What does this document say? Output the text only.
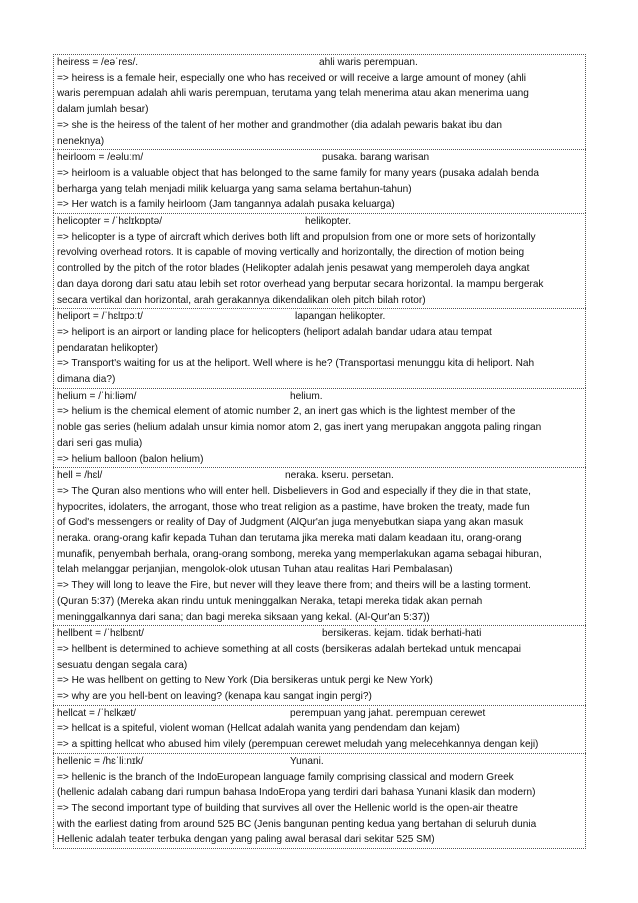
heiress = /eəˈres/.	ahli waris perempuan.
=> heiress is a female heir, especially one who has received or will receive a large amount of money (ahli
waris perempuan adalah ahli waris perempuan, terutama yang telah menerima atau akan menerima uang
dalam jumlah besar)
=> she is the heiress of the talent of her mother and grandmother (dia adalah pewaris bakat ibu dan
neneknya)
heirloom = /eəluːm/	pusaka. barang warisan
=> heirloom is a valuable object that has belonged to the same family for many years (pusaka adalah benda
berharga yang telah menjadi milik keluarga yang sama selama bertahun-tahun)
=> Her watch is a family heirloom (Jam tangannya adalah pusaka keluarga)
helicopter = /ˈhɛlɪkɒptə/	helikopter.
=> helicopter is a type of aircraft which derives both lift and propulsion from one or more sets of horizontally
revolving overhead rotors. It is capable of moving vertically and horizontally, the direction of motion being
controlled by the pitch of the rotor blades (Helikopter adalah jenis pesawat yang memperoleh daya angkat
dan daya dorong dari satu atau lebih set rotor overhead yang berputar secara horizontal. Ia mampu bergerak
secara vertikal dan horizontal, arah gerakannya dikendalikan oleh pitch bilah rotor)
heliport = /ˈhɛlɪpɔːt/	lapangan helikopter.
=> heliport is an airport or landing place for helicopters (heliport adalah bandar udara atau tempat
pendaratan helikopter)
=> Transport's waiting for us at the heliport. Well where is he? (Transportasi menunggu kita di heliport. Nah
dimana dia?)
helium = /ˈhiːliəm/	helium.
=> helium is the chemical element of atomic number 2, an inert gas which is the lightest member of the
noble gas series (helium adalah unsur kimia nomor atom 2, gas inert yang merupakan anggota paling ringan
dari seri gas mulia)
=> helium balloon (balon helium)
hell = /hɛl/	neraka. kseru. persetan.
=> The Quran also mentions who will enter hell. Disbelievers in God and especially if they die in that state,
hypocrites, idolaters, the arrogant, those who treat religion as a pastime, have broken the treaty, made fun
of God's messengers or reality of Day of Judgment (AlQur'an juga menyebutkan siapa yang akan masuk
neraka. orang-orang kafir kepada Tuhan dan terutama jika mereka mati dalam keadaan itu, orang-orang
munafik, penyembah berhala, orang-orang sombong, mereka yang memperlakukan agama sebagai hiburan,
telah melanggar perjanjian, mengolok-olok utusan Tuhan atau realitas Hari Pembalasan)
=> They will long to leave the Fire, but never will they leave there from; and theirs will be a lasting torment.
(Quran 5:37) (Mereka akan rindu untuk meninggalkan Neraka, tetapi mereka tidak akan pernah
meninggalkannya dari sana; dan bagi mereka siksaan yang kekal. (Al-Qur'an 5:37))
hellbent = /ˈhɛlbɛnt/	bersikeras. kejam. tidak berhati-hati
=> hellbent is determined to achieve something at all costs (bersikeras adalah bertekad untuk mencapai
sesuatu dengan segala cara)
=> He was hellbent on getting to New York (Dia bersikeras untuk pergi ke New York)
=> why are you hell-bent on leaving? (kenapa kau sangat ingin pergi?)
hellcat = /ˈhɛlkæt/	perempuan yang jahat. perempuan cerewet
=> hellcat is a spiteful, violent woman (Hellcat adalah wanita yang pendendam dan kejam)
=> a spitting hellcat who abused him vilely (perempuan cerewet meludah yang melecehkannya dengan keji)
hellenic = /hɛˈliːnɪk/	Yunani.
=> hellenic is the branch of the IndoEuropean language family comprising classical and modern Greek
(hellenic adalah cabang dari rumpun bahasa IndoEropa yang terdiri dari bahasa Yunani klasik dan modern)
=> The second important type of building that survives all over the Hellenic world is the open-air theatre
with the earliest dating from around 525 BC (Jenis bangunan penting kedua yang bertahan di seluruh dunia
Hellenic adalah teater terbuka dengan yang paling awal berasal dari sekitar 525 SM)
